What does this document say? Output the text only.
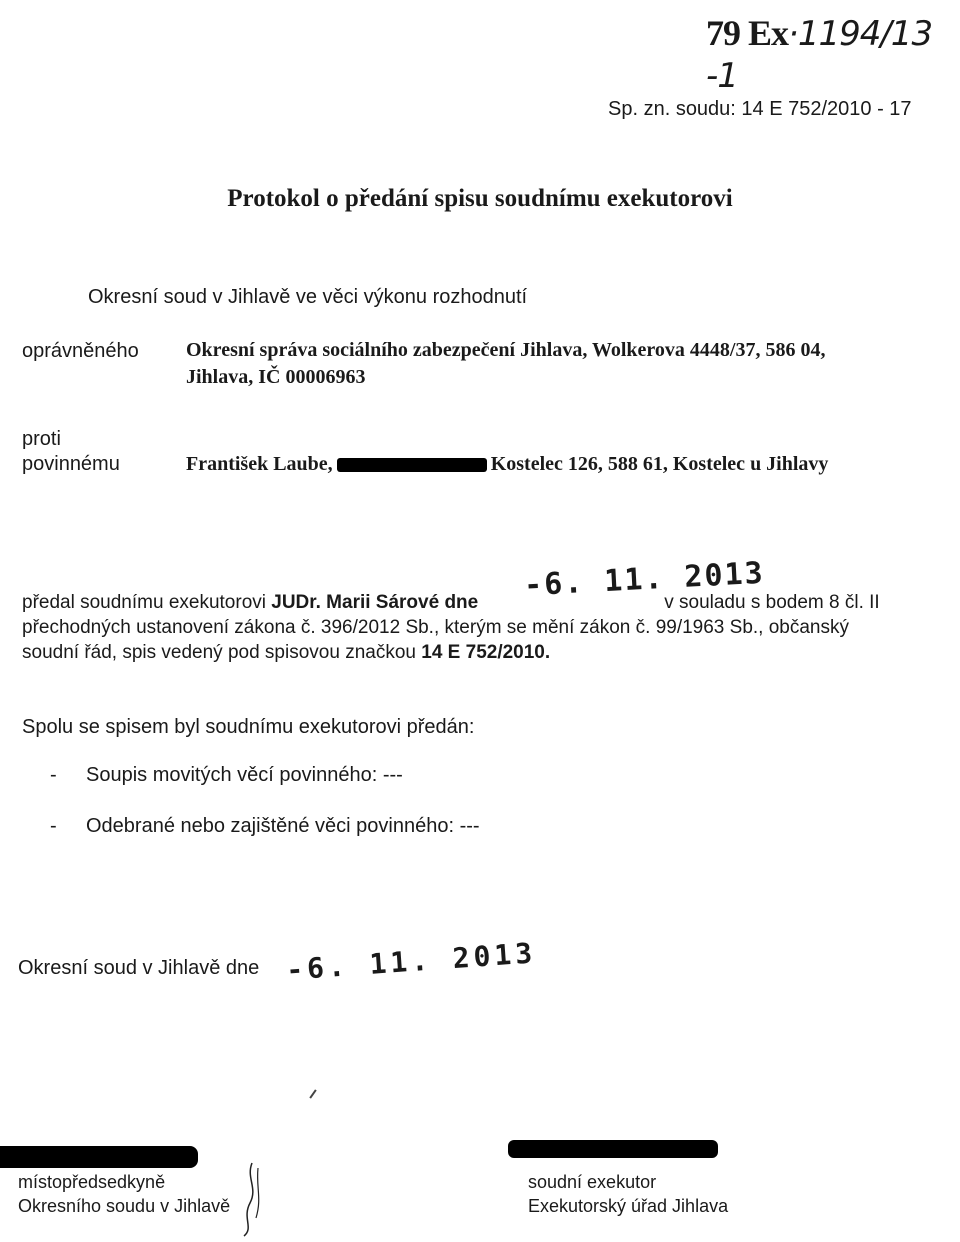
79 Ex·1194/13 -1
Sp. zn. soudu: 14 E 752/2010 - 17
Protokol o předání spisu soudnímu exekutorovi
Okresní soud v Jihlavě ve věci výkonu rozhodnutí
oprávněného Okresní správa sociálního zabezpečení Jihlava, Wolkerova 4448/37, 586 04, Jihlava, IČ 00006963
proti
povinnému	František Laube,	Kostelec 126, 588 61, Kostelec u Jihlavy
-6. 11. 2013
předal soudnímu exekutorovi JUDr. Marii Sárové dne	v souladu s bodem 8 čl. II přechodných ustanovení zákona č. 396/2012 Sb., kterým se mění zákon č. 99/1963 Sb., občanský soudní řád, spis vedený pod spisovou značkou 14 E 752/2010.
Spolu se spisem byl soudnímu exekutorovi předán:
- Soupis movitých věcí povinného: ---
- Odebrané nebo zajištěné věci povinného: ---
Okresní soud v Jihlavě dne -6. 11. 2013
místopředsedkyně
Okresního soudu v Jihlavě
soudní exekutor
Exekutorský úřad Jihlava
